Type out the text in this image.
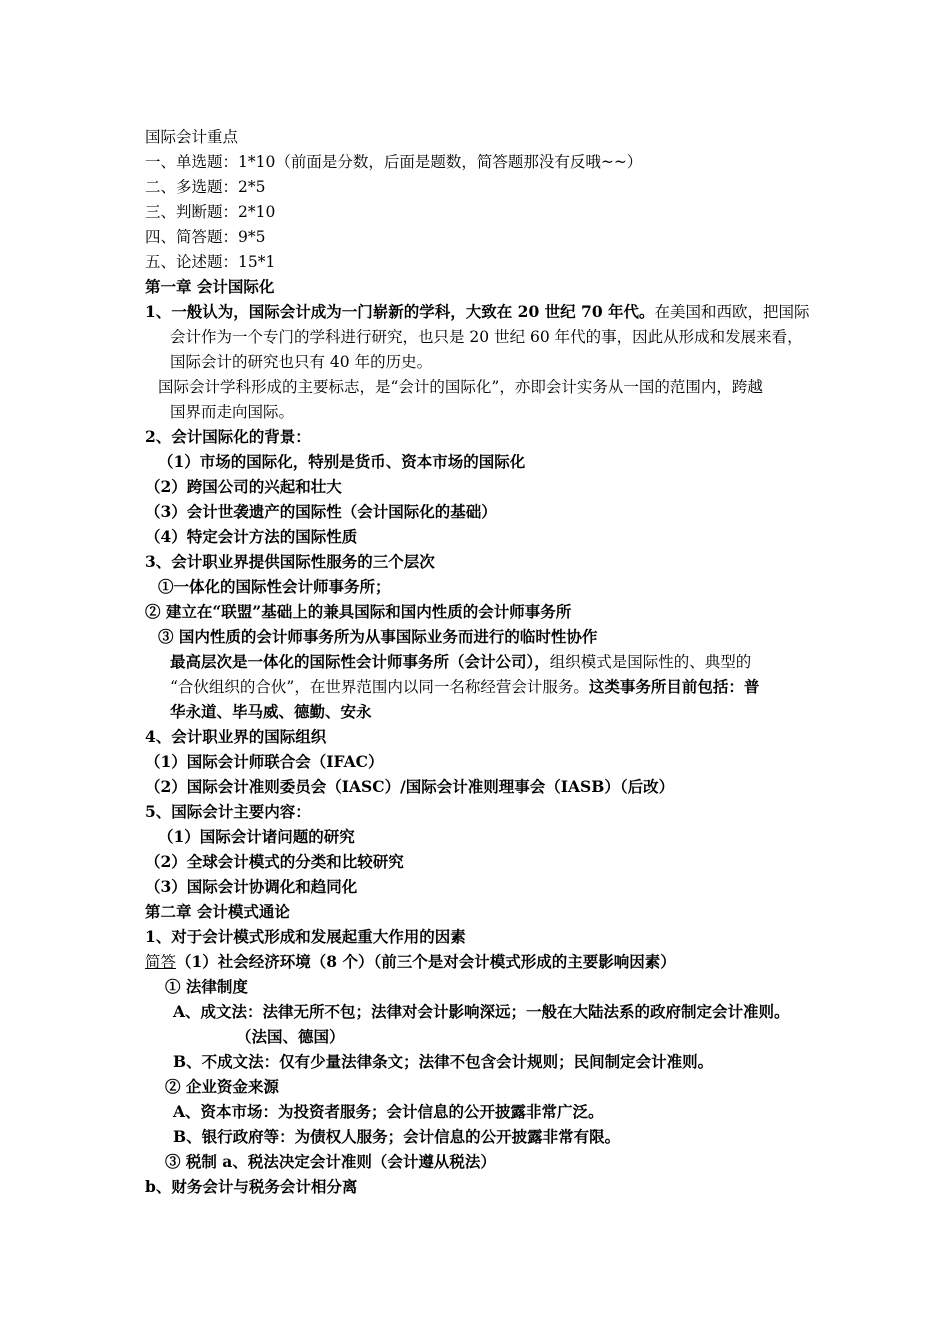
国际会计重点

一、单选题：1*10（前面是分数，后面是题数，简答题那没有反哦~~）

二、多选题：2*5

三、判断题：2*10

四、简答题：9*5

五、论述题：15*1

第一章 会计国际化

1、一般认为，国际会计成为一门崭新的学科，大致在 20 世纪 70 年代。在美国和西欧，把国际

会计作为一个专门的学科进行研究，也只是 20 世纪 60 年代的事，因此从形成和发展来看，

国际会计的研究也只有 40 年的历史。

国际会计学科形成的主要标志，是“会计的国际化”，亦即会计实务从一国的范围内，跨越

国界而走向国际。

2、会计国际化的背景：

（1）市场的国际化，特别是货币、资本市场的国际化

（2）跨国公司的兴起和壮大

（3）会计世袭遗产的国际性（会计国际化的基础）

（4）特定会计方法的国际性质

3、会计职业界提供国际性服务的三个层次

①一体化的国际性会计师事务所；

② 建立在“联盟”基础上的兼具国际和国内性质的会计师事务所

③ 国内性质的会计师事务所为从事国际业务而进行的临时性协作

最高层次是一体化的国际性会计师事务所（会计公司），组织模式是国际性的、典型的

“合伙组织的合伙”，在世界范围内以同一名称经营会计服务。这类事务所目前包括：普

华永道、毕马威、德勤、安永

4、会计职业界的国际组织

（1）国际会计师联合会（IFAC）

（2）国际会计准则委员会（IASC）/国际会计准则理事会（IASB）（后改）

5、国际会计主要内容：

（1）国际会计诸问题的研究

（2）全球会计模式的分类和比较研究

（3）国际会计协调化和趋同化

第二章 会计模式通论

1、对于会计模式形成和发展起重大作用的因素

简答（1）社会经济环境（8 个）（前三个是对会计模式形成的主要影响因素）

① 法律制度

A、成文法：法律无所不包；法律对会计影响深远；一般在大陆法系的政府制定会计准则。

（法国、德国）

B、不成文法：仅有少量法律条文；法律不包含会计规则；民间制定会计准则。

② 企业资金来源

A、资本市场：为投资者服务；会计信息的公开披露非常广泛。

B、银行政府等：为债权人服务；会计信息的公开披露非常有限。

③ 税制 a、税法决定会计准则（会计遵从税法）

b、财务会计与税务会计相分离
